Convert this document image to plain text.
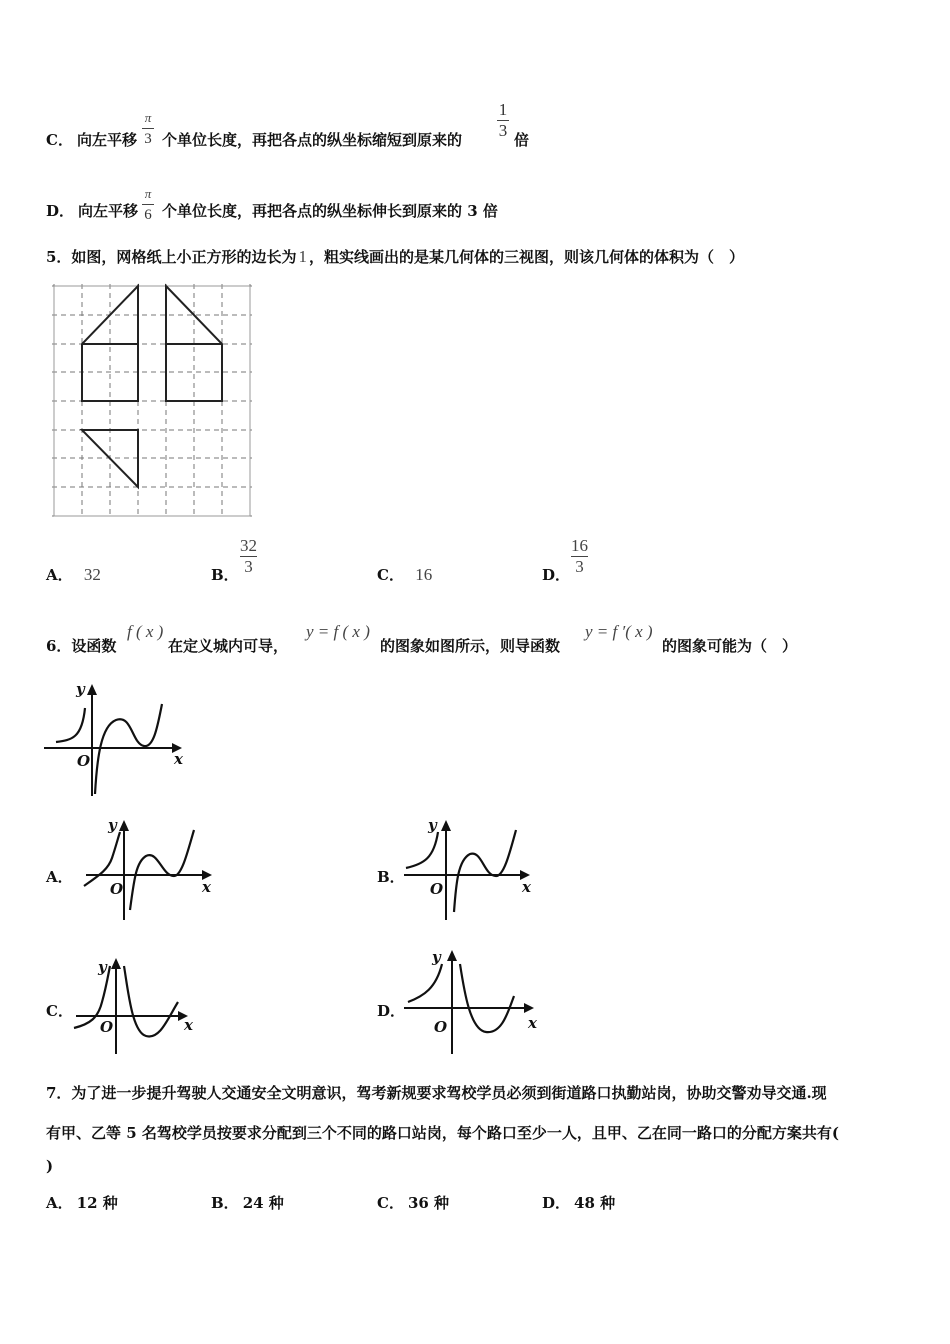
C． 向左平移
π
3 个单位长度，再把各点的纵坐标缩短到原来的
1
3 倍
D． 向左平移
π
6 个单位长度，再把各点的纵坐标伸长到原来的 3 倍
5．如图，网格纸上小正方形的边长为 1 ，粗实线画出的是某几何体的三视图，则该几何体的体积为（　）
A． 32	B．
32
3	C． 16	D．
16
3
6．设函数
f ( x )
在定义城内可导，
y = f ( x )
的图象如图所示，则导函数
y = f ′( x )
的图象可能为（　）
y
x
O
A．
y
x
O
B．
y
x
O
C．
y
x
O
D．
y
x
O
7．为了进一步提升驾驶人交通安全文明意识，驾考新规要求驾校学员必须到街道路口执勤站岗，协助交警劝导交通.现
有甲、乙等 5 名驾校学员按要求分配到三个不同的路口站岗，每个路口至少一人，且甲、乙在同一路口的分配方案共有(
)
A． 12 种	B． 24 种	C． 36 种	D． 48 种
